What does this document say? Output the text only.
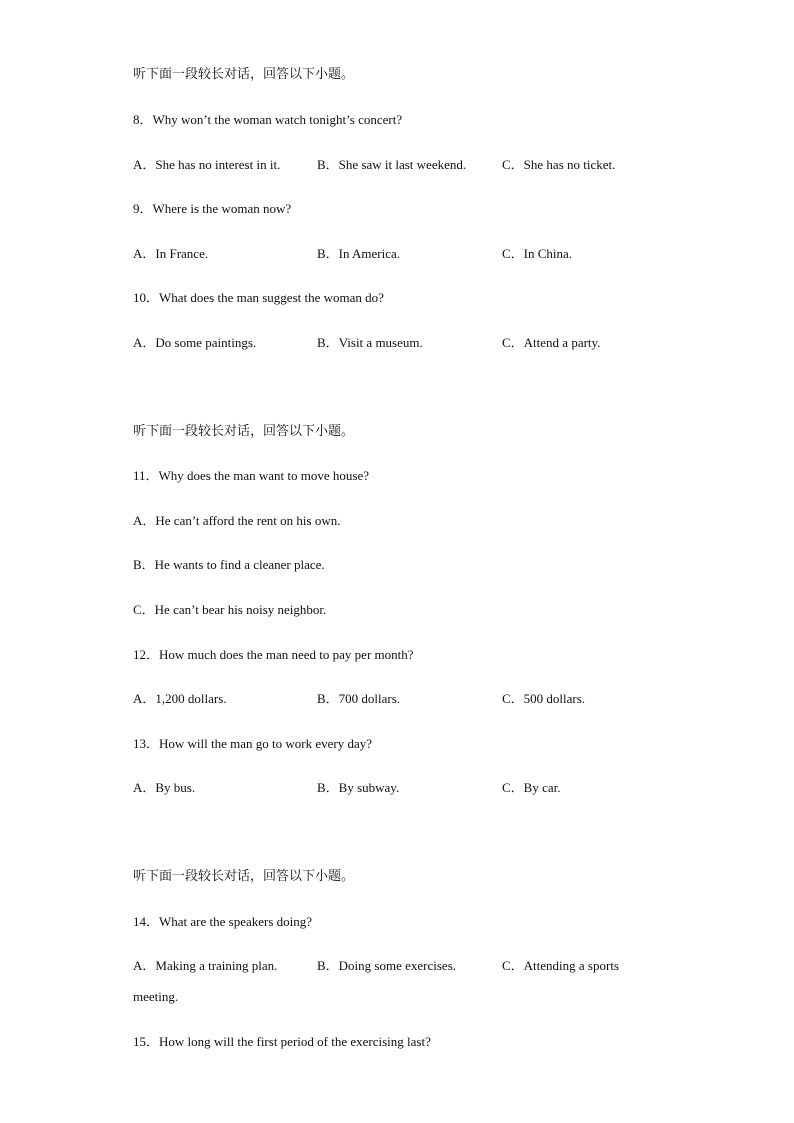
听下面一段较长对话，回答以下小题。
8．Why won’t the woman watch tonight’s concert?
A．She has no interest in it.	B．She saw it last weekend.	C．She has no ticket.
9．Where is the woman now?
A．In France.	B．In America.	C．In China.
10．What does the man suggest the woman do?
A．Do some paintings.	B．Visit a museum.	C．Attend a party.
听下面一段较长对话，回答以下小题。
11．Why does the man want to move house?
A．He can’t afford the rent on his own.
B．He wants to find a cleaner place.
C．He can’t bear his noisy neighbor.
12．How much does the man need to pay per month?
A．1,200 dollars.	B．700 dollars.	C．500 dollars.
13．How will the man go to work every day?
A．By bus.	B．By subway.	C．By car.
听下面一段较长对话，回答以下小题。
14．What are the speakers doing?
A．Making a training plan.	B．Doing some exercises.	C．Attending a sports
meeting.
15．How long will the first period of the exercising last?
